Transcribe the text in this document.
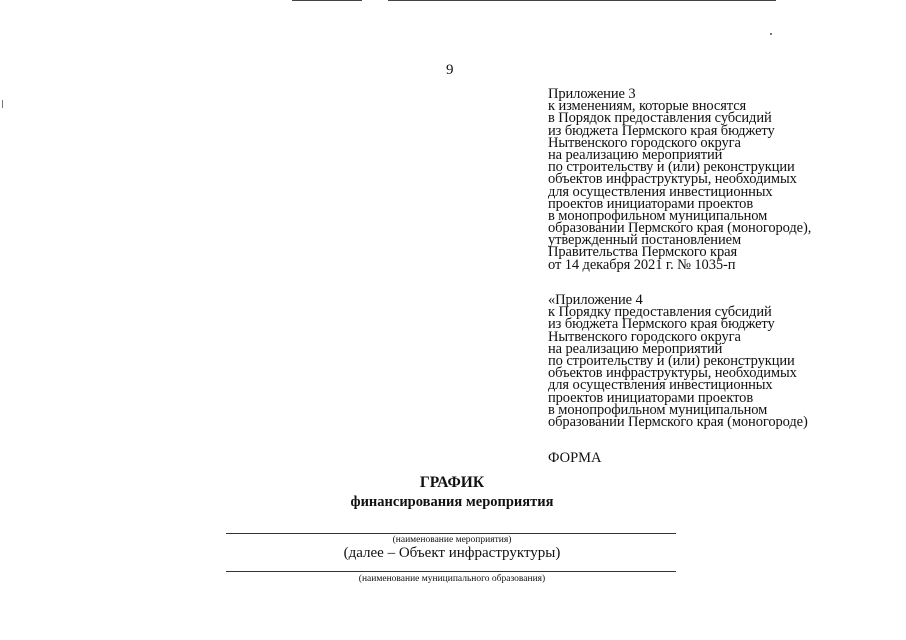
9
Приложение 3
к изменениям, которые вносятся
в Порядок предоставления субсидий
из бюджета Пермского края бюджету
Нытвенского городского округа
на реализацию мероприятий
по строительству и (или) реконструкции
объектов инфраструктуры, необходимых
для осуществления инвестиционных
проектов инициаторами проектов
в монопрофильном муниципальном
образовании Пермского края (моногороде),
утвержденный постановлением
Правительства Пермского края
от 14 декабря 2021 г. № 1035-п
«Приложение 4
к Порядку предоставления субсидий
из бюджета Пермского края бюджету
Нытвенского городского округа
на реализацию мероприятий
по строительству и (или) реконструкции
объектов инфраструктуры, необходимых
для осуществления инвестиционных
проектов инициаторами проектов
в монопрофильном муниципальном
образовании Пермского края (моногороде)
ФОРМА
ГРАФИК
финансирования мероприятия
(наименование мероприятия)
(далее – Объект инфраструктуры)
(наименование муниципального образования)
